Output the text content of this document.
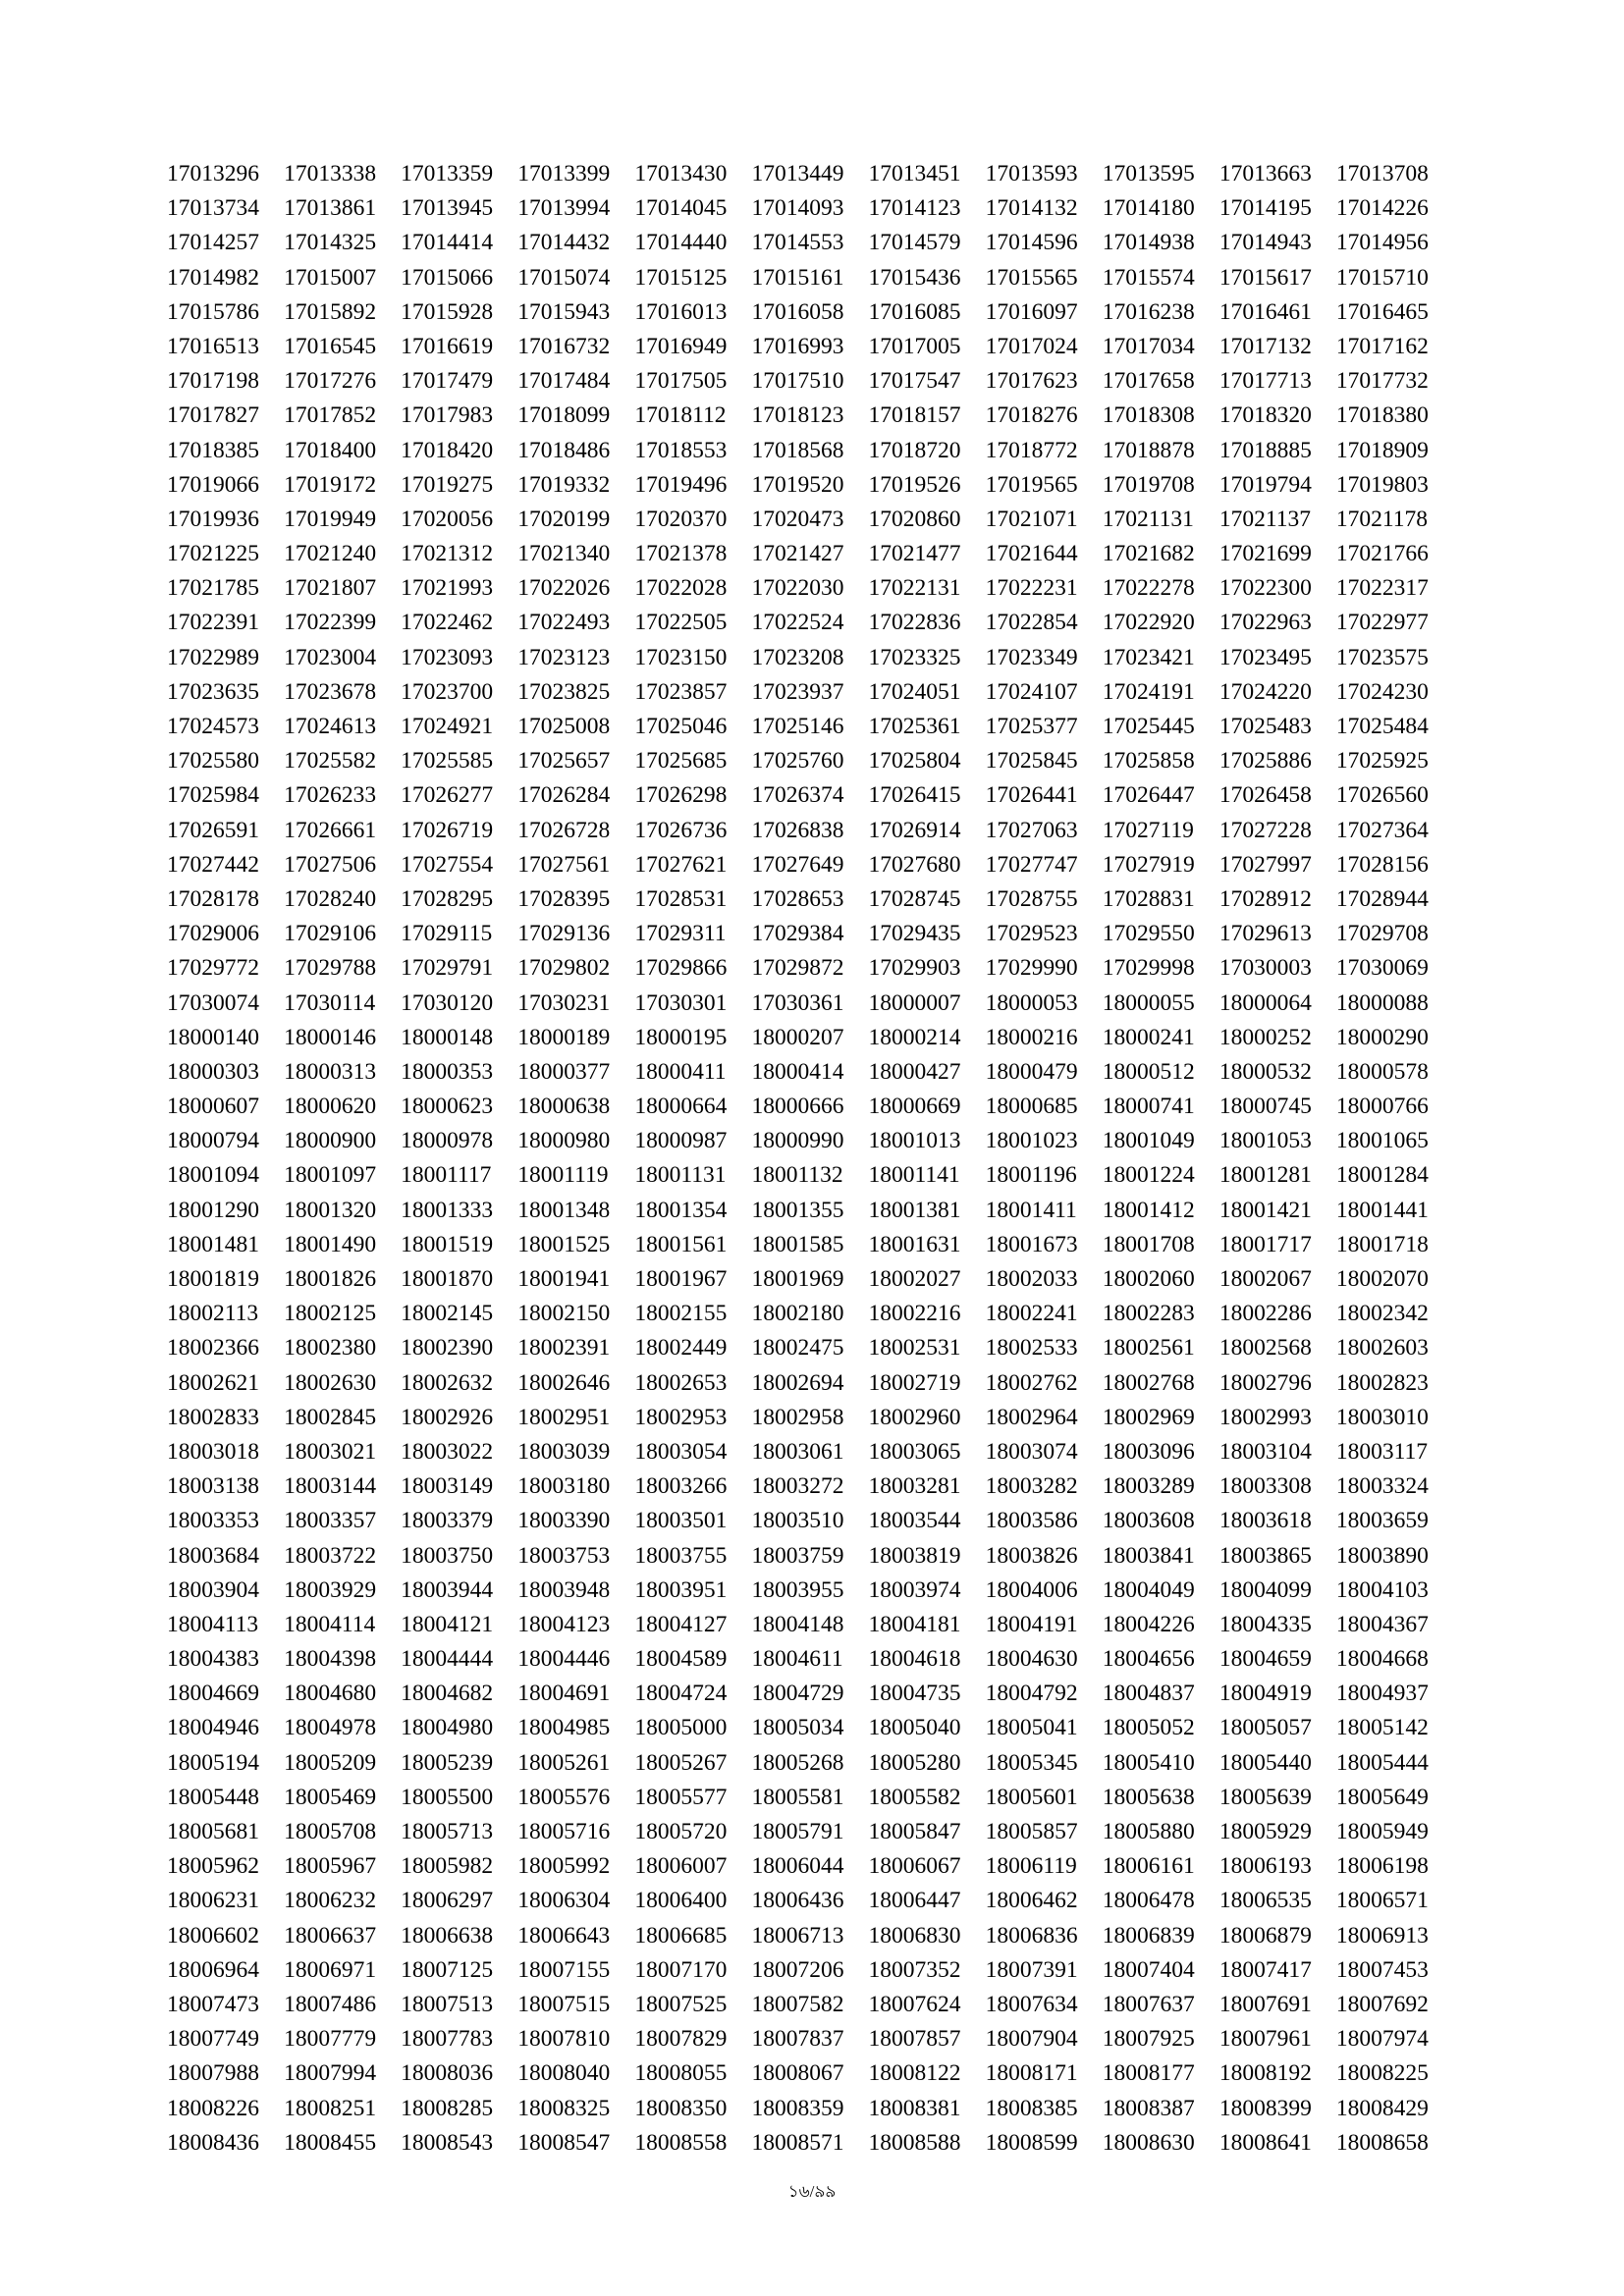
17013296	17013338	17013359	17013399	17013430	17013449	17013451	17013593	17013595	17013663	17013708
17013734	17013861	17013945	17013994	17014045	17014093	17014123	17014132	17014180	17014195	17014226
17014257	17014325	17014414	17014432	17014440	17014553	17014579	17014596	17014938	17014943	17014956
17014982	17015007	17015066	17015074	17015125	17015161	17015436	17015565	17015574	17015617	17015710
17015786	17015892	17015928	17015943	17016013	17016058	17016085	17016097	17016238	17016461	17016465
17016513	17016545	17016619	17016732	17016949	17016993	17017005	17017024	17017034	17017132	17017162
17017198	17017276	17017479	17017484	17017505	17017510	17017547	17017623	17017658	17017713	17017732
17017827	17017852	17017983	17018099	17018112	17018123	17018157	17018276	17018308	17018320	17018380
17018385	17018400	17018420	17018486	17018553	17018568	17018720	17018772	17018878	17018885	17018909
17019066	17019172	17019275	17019332	17019496	17019520	17019526	17019565	17019708	17019794	17019803
17019936	17019949	17020056	17020199	17020370	17020473	17020860	17021071	17021131	17021137	17021178
17021225	17021240	17021312	17021340	17021378	17021427	17021477	17021644	17021682	17021699	17021766
17021785	17021807	17021993	17022026	17022028	17022030	17022131	17022231	17022278	17022300	17022317
17022391	17022399	17022462	17022493	17022505	17022524	17022836	17022854	17022920	17022963	17022977
17022989	17023004	17023093	17023123	17023150	17023208	17023325	17023349	17023421	17023495	17023575
17023635	17023678	17023700	17023825	17023857	17023937	17024051	17024107	17024191	17024220	17024230
17024573	17024613	17024921	17025008	17025046	17025146	17025361	17025377	17025445	17025483	17025484
17025580	17025582	17025585	17025657	17025685	17025760	17025804	17025845	17025858	17025886	17025925
17025984	17026233	17026277	17026284	17026298	17026374	17026415	17026441	17026447	17026458	17026560
17026591	17026661	17026719	17026728	17026736	17026838	17026914	17027063	17027119	17027228	17027364
17027442	17027506	17027554	17027561	17027621	17027649	17027680	17027747	17027919	17027997	17028156
17028178	17028240	17028295	17028395	17028531	17028653	17028745	17028755	17028831	17028912	17028944
17029006	17029106	17029115	17029136	17029311	17029384	17029435	17029523	17029550	17029613	17029708
17029772	17029788	17029791	17029802	17029866	17029872	17029903	17029990	17029998	17030003	17030069
17030074	17030114	17030120	17030231	17030301	17030361	18000007	18000053	18000055	18000064	18000088
18000140	18000146	18000148	18000189	18000195	18000207	18000214	18000216	18000241	18000252	18000290
18000303	18000313	18000353	18000377	18000411	18000414	18000427	18000479	18000512	18000532	18000578
18000607	18000620	18000623	18000638	18000664	18000666	18000669	18000685	18000741	18000745	18000766
18000794	18000900	18000978	18000980	18000987	18000990	18001013	18001023	18001049	18001053	18001065
18001094	18001097	18001117	18001119	18001131	18001132	18001141	18001196	18001224	18001281	18001284
18001290	18001320	18001333	18001348	18001354	18001355	18001381	18001411	18001412	18001421	18001441
18001481	18001490	18001519	18001525	18001561	18001585	18001631	18001673	18001708	18001717	18001718
18001819	18001826	18001870	18001941	18001967	18001969	18002027	18002033	18002060	18002067	18002070
18002113	18002125	18002145	18002150	18002155	18002180	18002216	18002241	18002283	18002286	18002342
18002366	18002380	18002390	18002391	18002449	18002475	18002531	18002533	18002561	18002568	18002603
18002621	18002630	18002632	18002646	18002653	18002694	18002719	18002762	18002768	18002796	18002823
18002833	18002845	18002926	18002951	18002953	18002958	18002960	18002964	18002969	18002993	18003010
18003018	18003021	18003022	18003039	18003054	18003061	18003065	18003074	18003096	18003104	18003117
18003138	18003144	18003149	18003180	18003266	18003272	18003281	18003282	18003289	18003308	18003324
18003353	18003357	18003379	18003390	18003501	18003510	18003544	18003586	18003608	18003618	18003659
18003684	18003722	18003750	18003753	18003755	18003759	18003819	18003826	18003841	18003865	18003890
18003904	18003929	18003944	18003948	18003951	18003955	18003974	18004006	18004049	18004099	18004103
18004113	18004114	18004121	18004123	18004127	18004148	18004181	18004191	18004226	18004335	18004367
18004383	18004398	18004444	18004446	18004589	18004611	18004618	18004630	18004656	18004659	18004668
18004669	18004680	18004682	18004691	18004724	18004729	18004735	18004792	18004837	18004919	18004937
18004946	18004978	18004980	18004985	18005000	18005034	18005040	18005041	18005052	18005057	18005142
18005194	18005209	18005239	18005261	18005267	18005268	18005280	18005345	18005410	18005440	18005444
18005448	18005469	18005500	18005576	18005577	18005581	18005582	18005601	18005638	18005639	18005649
18005681	18005708	18005713	18005716	18005720	18005791	18005847	18005857	18005880	18005929	18005949
18005962	18005967	18005982	18005992	18006007	18006044	18006067	18006119	18006161	18006193	18006198
18006231	18006232	18006297	18006304	18006400	18006436	18006447	18006462	18006478	18006535	18006571
18006602	18006637	18006638	18006643	18006685	18006713	18006830	18006836	18006839	18006879	18006913
18006964	18006971	18007125	18007155	18007170	18007206	18007352	18007391	18007404	18007417	18007453
18007473	18007486	18007513	18007515	18007525	18007582	18007624	18007634	18007637	18007691	18007692
18007749	18007779	18007783	18007810	18007829	18007837	18007857	18007904	18007925	18007961	18007974
18007988	18007994	18008036	18008040	18008055	18008067	18008122	18008171	18008177	18008192	18008225
18008226	18008251	18008285	18008325	18008350	18008359	18008381	18008385	18008387	18008399	18008429
18008436	18008455	18008543	18008547	18008558	18008571	18008588	18008599	18008630	18008641	18008658
১৬/৯৯
